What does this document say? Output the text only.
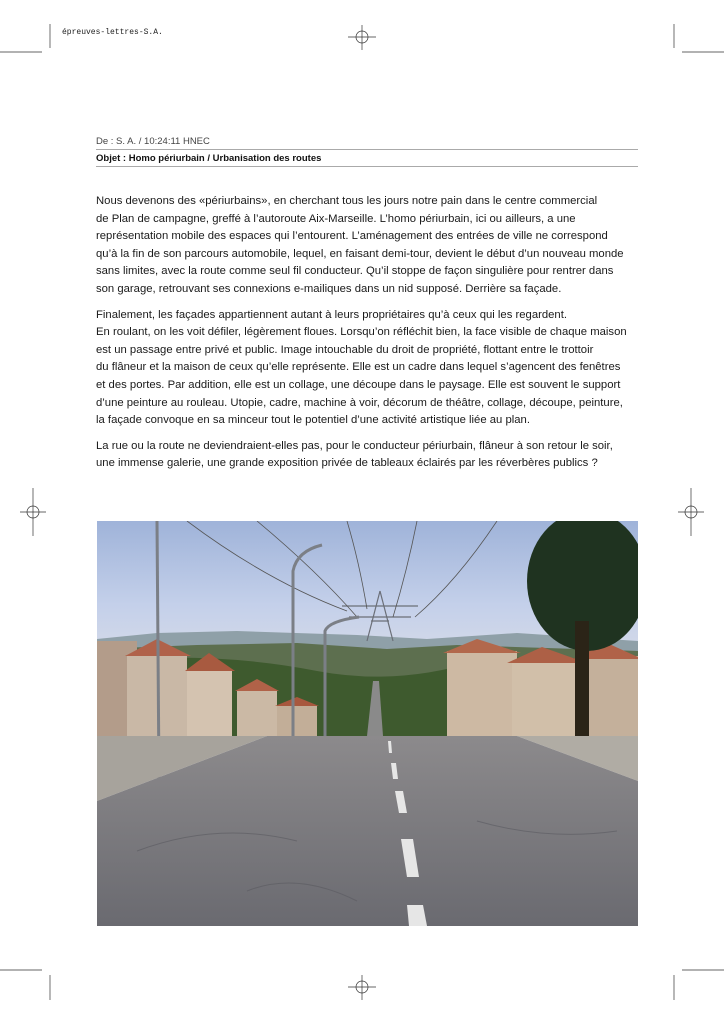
épreuves-lettres-S.A.
De : S. A. / 10:24:11 HNEC
Objet : Homo périurbain / Urbanisation des routes

Nous devenons des «périurbains», en cherchant tous les jours notre pain dans le centre commercial
de Plan de campagne, greffé à l’autoroute Aix-Marseille. L’homo périurbain, ici ou ailleurs, a une
représentation mobile des espaces qui l’entourent. L’aménagement des entrées de ville ne correspond
qu’à la fin de son parcours automobile, lequel, en faisant demi-tour, devient le début d’un nouveau monde
sans limites, avec la route comme seul fil conducteur. Qu’il stoppe de façon singulière pour rentrer dans
son garage, retrouvant ses connexions e-mailiques dans un nid supposé. Derrière sa façade.

Finalement, les façades appartiennent autant à leurs propriétaires qu’à ceux qui les regardent.
En roulant, on les voit défiler, légèrement floues. Lorsqu’on réfléchit bien, la face visible de chaque maison
est un passage entre privé et public. Image intouchable du droit de propriété, flottant entre le trottoir
du flâneur et la maison de ceux qu’elle représente. Elle est un cadre dans lequel s’agencent des fenêtres
et des portes. Par addition, elle est un collage, une découpe dans le paysage. Elle est souvent le support
d’une peinture au rouleau. Utopie, cadre, machine à voir, décorum de théâtre, collage, découpe, peinture,
la façade convoque en sa minceur tout le potentiel d’une activité artistique liée au plan.

La rue ou la route ne deviendraient-elles pas, pour le conducteur périurbain, flâneur à son retour le soir,
une immense galerie, une grande exposition privée de tableaux éclairés par les réverbères publics ?
